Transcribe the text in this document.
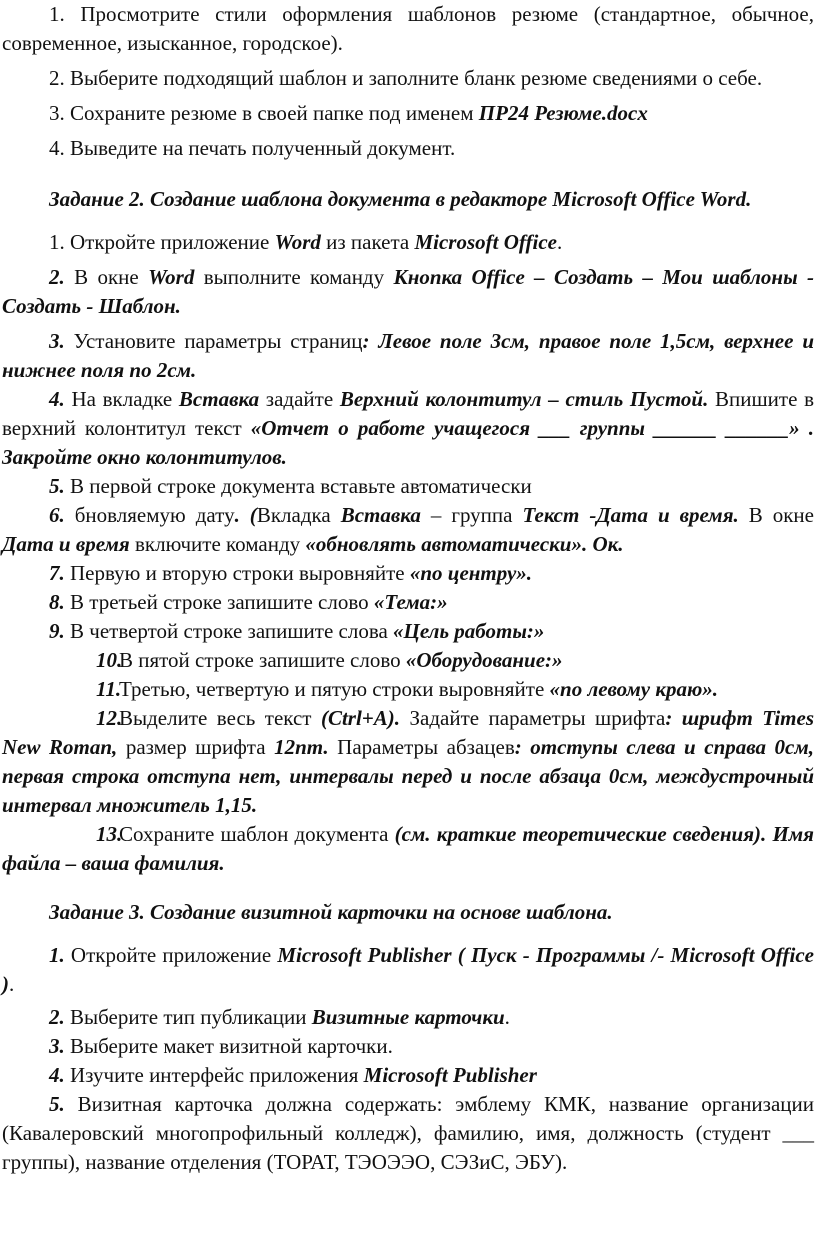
1. Просмотрите стили оформления шаблонов резюме (стандартное, обычное, современное, изысканное, городское).

2. Выберите подходящий шаблон и заполните бланк резюме сведениями о себе.

3. Сохраните резюме в своей папке под именем ПР24 Резюме.docx

4. Выведите на печать полученный документ.

Задание 2. Создание шаблона документа в редакторе Microsoft Office Word.

1. Откройте приложение Word из пакета Microsoft Office.

2. В окне Word выполните команду Кнопка Office – Создать – Мои шаблоны - Создать - Шаблон.

3. Установите параметры страниц: Левое поле 3см, правое поле 1,5см, верхнее и нижнее поля по 2см.

4. На вкладке Вставка задайте Верхний колонтитул – стиль Пустой. Впишите в верхний колонтитул текст «Отчет о работе учащегося ___ группы ______ ______» . Закройте окно колонтитулов.

5. В первой строке документа вставьте автоматически

6. бновляемую дату. (Вкладка Вставка – группа Текст -Дата и время. В окне Дата и время включите команду «обновлять автоматически». Ок.

7. Первую и вторую строки выровняйте «по центру».

8. В третьей строке запишите слово «Тема:»

9. В четвертой строке запишите слова «Цель работы:»

10.В пятой строке запишите слово «Оборудование:»

11.Третью, четвертую и пятую строки выровняйте «по левому краю».

12.Выделите весь текст (Ctrl+A). Задайте параметры шрифта: шрифт Times New Roman, размер шрифта 12пт. Параметры абзацев: отступы слева и справа 0см, первая строка отступа нет, интервалы перед и после абзаца 0см, междустрочный интервал множитель 1,15.

13.Сохраните шаблон документа (см. краткие теоретические сведения). Имя файла – ваша фамилия.

Задание 3. Создание визитной карточки на основе шаблона.

1. Откройте приложение Microsoft Publisher ( Пуск - Программы /- Microsoft Office ).

2. Выберите тип публикации Визитные карточки.

3. Выберите макет визитной карточки.

4. Изучите интерфейс приложения Microsoft Publisher

5. Визитная карточка должна содержать: эмблему КМК, название организации (Кавалеровский многопрофильный колледж), фамилию, имя, должность (студент ___ группы), название отделения (ТОРАТ, ТЭОЭЭО, СЭЗиС, ЭБУ).
